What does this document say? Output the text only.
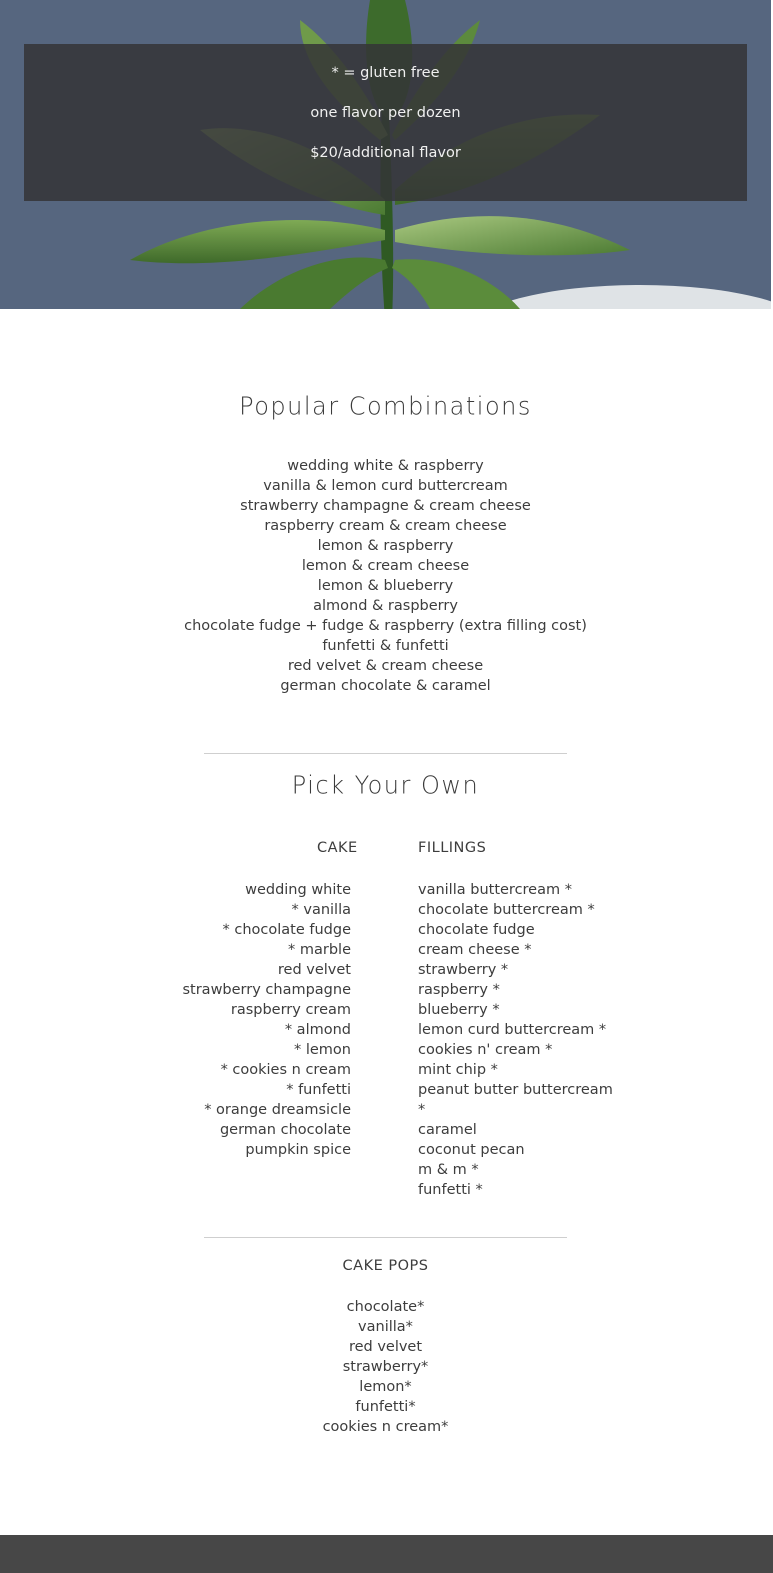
* = gluten free
one flavor per dozen
$20/additional flavor
Popular Combinations
wedding white & raspberry
vanilla & lemon curd buttercream
strawberry champagne & cream cheese
raspberry cream & cream cheese
lemon & raspberry
lemon & cream cheese
lemon & blueberry
almond & raspberry
chocolate fudge + fudge & raspberry (extra filling cost)
funfetti & funfetti
red velvet & cream cheese
german chocolate & caramel
Pick Your Own
CAKE	FILLINGS
wedding white
* vanilla
* chocolate fudge
* marble
red velvet
strawberry champagne
raspberry cream
* almond
* lemon
* cookies n cream
* funfetti
* orange dreamsicle
german chocolate
pumpkin spice
vanilla buttercream *
chocolate buttercream *
chocolate fudge
cream cheese *
strawberry *
raspberry *
blueberry *
lemon curd buttercream *
cookies n' cream *
mint chip *
peanut butter buttercream
*
caramel
coconut pecan
m & m *
funfetti *
CAKE POPS
chocolate*
vanilla*
red velvet
strawberry*
lemon*
funfetti*
cookies n cream*
